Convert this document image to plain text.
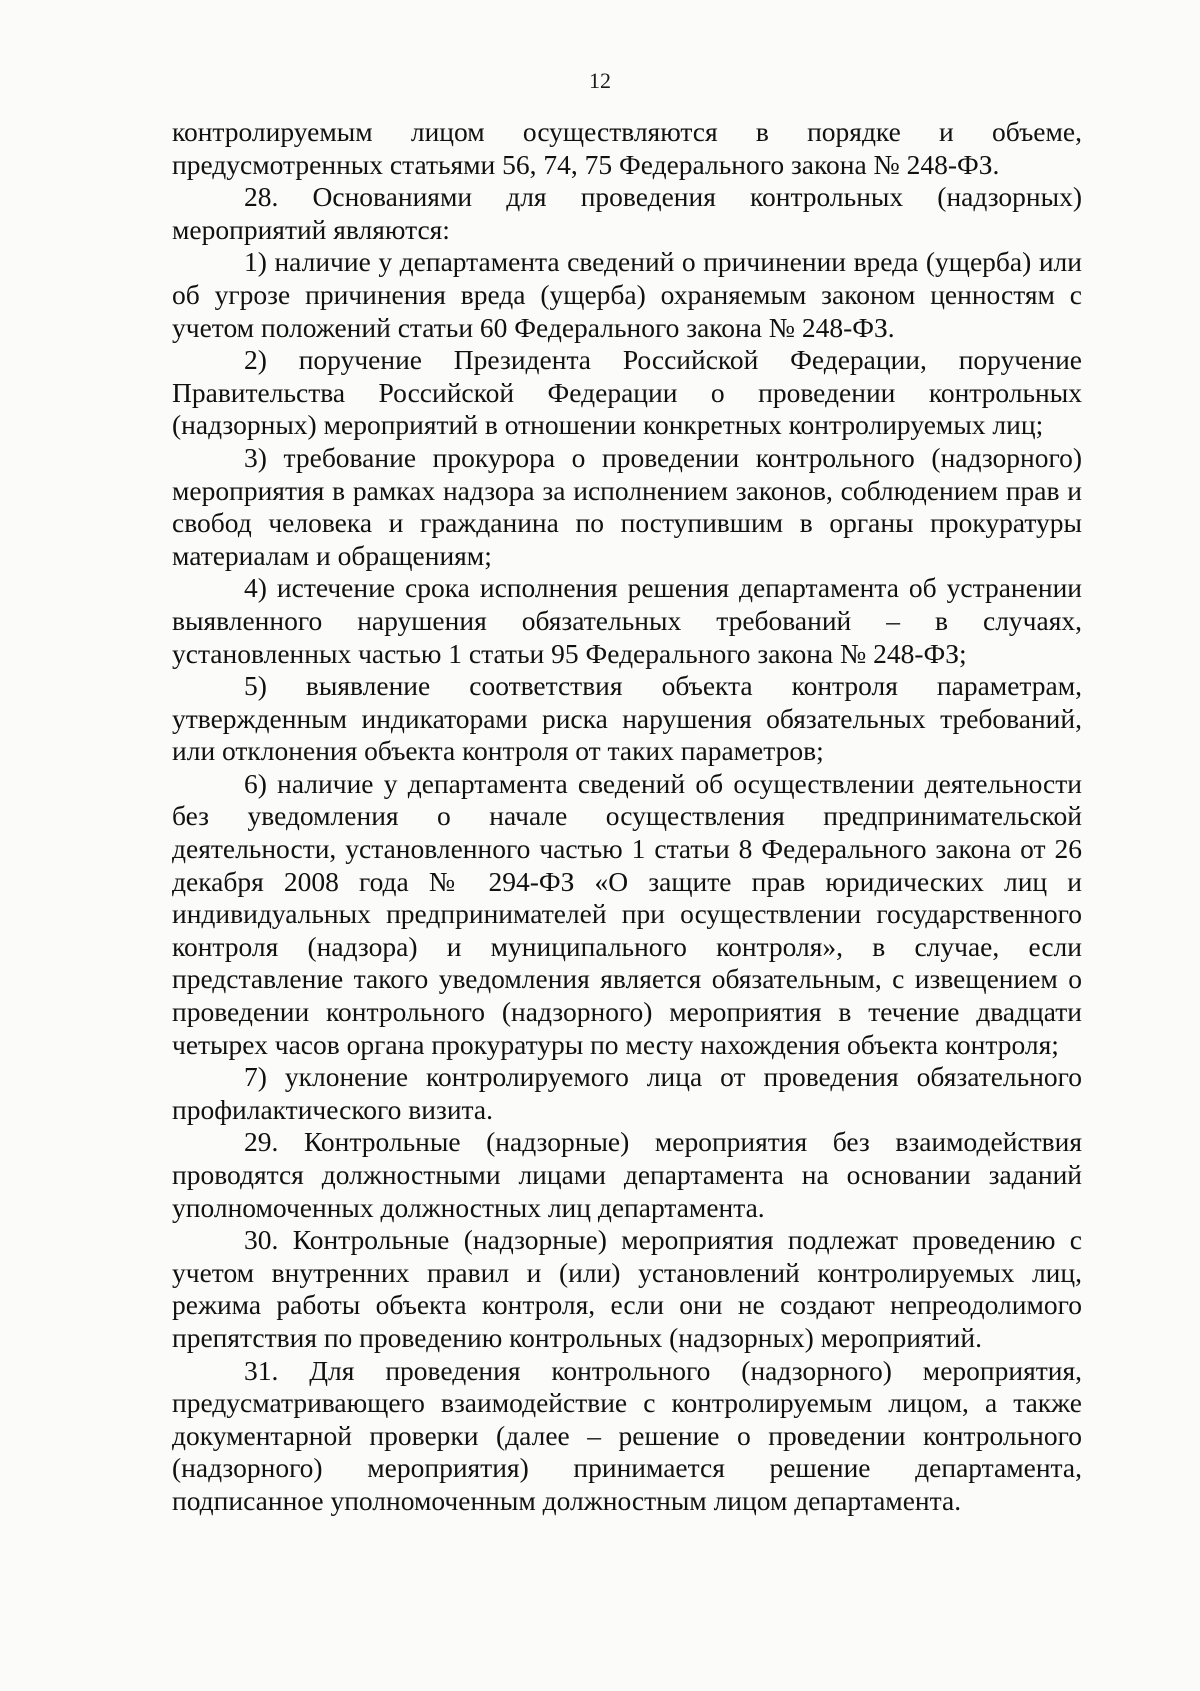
12

контролируемым лицом осуществляются в порядке и объеме, предусмотренных статьями 56, 74, 75 Федерального закона № 248-ФЗ.

28. Основаниями для проведения контрольных (надзорных) мероприятий являются:

1) наличие у департамента сведений о причинении вреда (ущерба) или об угрозе причинения вреда (ущерба) охраняемым законом ценностям с учетом положений статьи 60 Федерального закона № 248-ФЗ.

2) поручение Президента Российской Федерации, поручение Правительства Российской Федерации о проведении контрольных (надзорных) мероприятий в отношении конкретных контролируемых лиц;

3) требование прокурора о проведении контрольного (надзорного) мероприятия в рамках надзора за исполнением законов, соблюдением прав и свобод человека и гражданина по поступившим в органы прокуратуры материалам и обращениям;

4) истечение срока исполнения решения департамента об устранении выявленного нарушения обязательных требований – в случаях, установленных частью 1 статьи 95 Федерального закона № 248-ФЗ;

5) выявление соответствия объекта контроля параметрам, утвержденным индикаторами риска нарушения обязательных требований, или отклонения объекта контроля от таких параметров;

6) наличие у департамента сведений об осуществлении деятельности без уведомления о начале осуществления предпринимательской деятельности, установленного частью 1 статьи 8 Федерального закона от 26 декабря 2008 года № 294-ФЗ «О защите прав юридических лиц и индивидуальных предпринимателей при осуществлении государственного контроля (надзора) и муниципального контроля», в случае, если представление такого уведомления является обязательным, с извещением о проведении контрольного (надзорного) мероприятия в течение двадцати четырех часов органа прокуратуры по месту нахождения объекта контроля;

7) уклонение контролируемого лица от проведения обязательного профилактического визита.

29. Контрольные (надзорные) мероприятия без взаимодействия проводятся должностными лицами департамента на основании заданий уполномоченных должностных лиц департамента.

30. Контрольные (надзорные) мероприятия подлежат проведению с учетом внутренних правил и (или) установлений контролируемых лиц, режима работы объекта контроля, если они не создают непреодолимого препятствия по проведению контрольных (надзорных) мероприятий.

31. Для проведения контрольного (надзорного) мероприятия, предусматривающего взаимодействие с контролируемым лицом, а также документарной проверки (далее – решение о проведении контрольного (надзорного) мероприятия) принимается решение департамента, подписанное уполномоченным должностным лицом департамента.
